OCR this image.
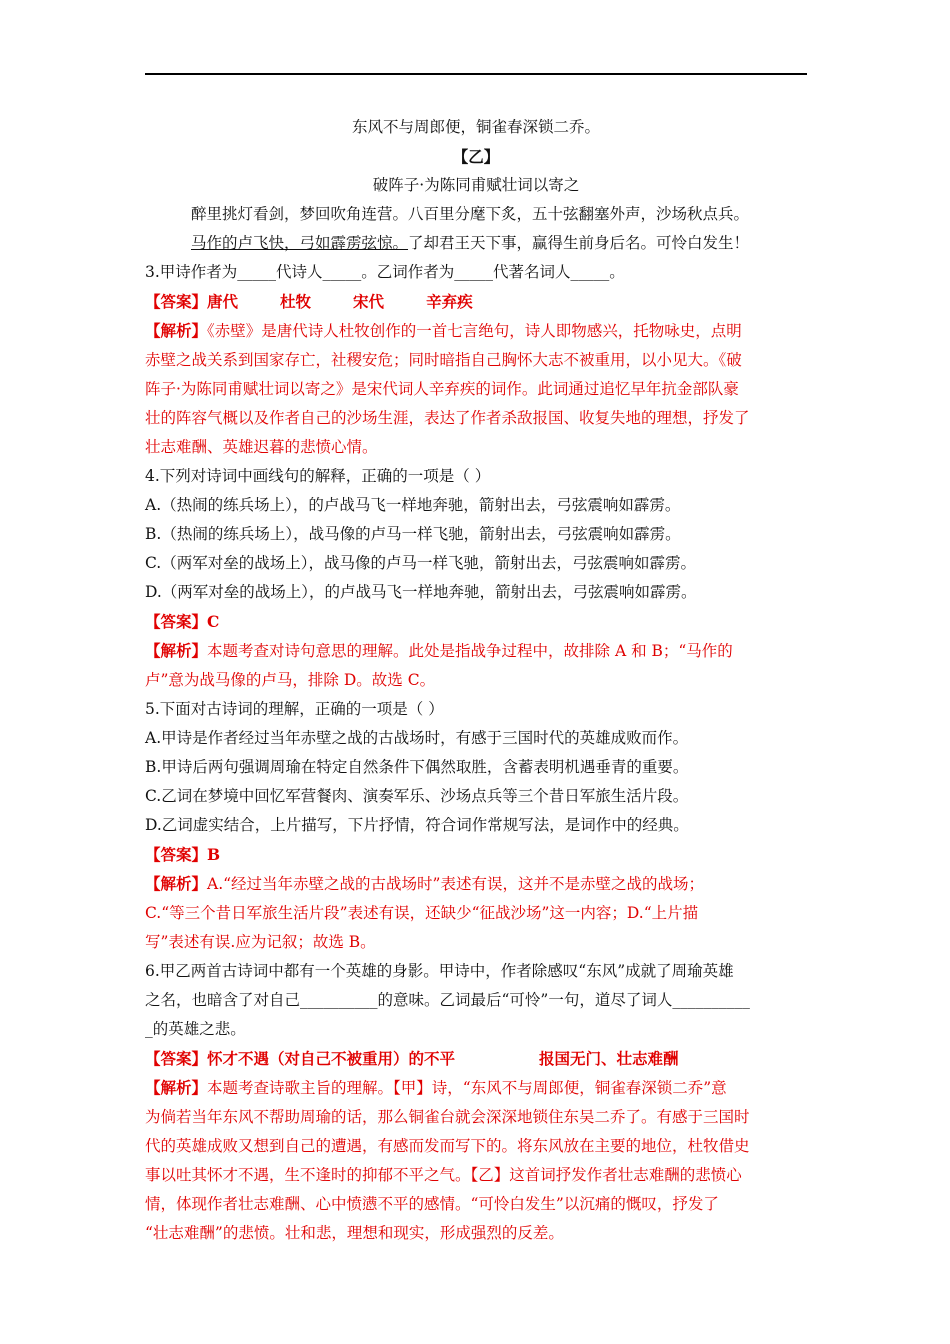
东风不与周郎便，铜雀春深锁二乔。
【乙】
破阵子·为陈同甫赋壮词以寄之
醉里挑灯看剑，梦回吹角连营。八百里分麾下炙，五十弦翻塞外声，沙场秋点兵。
马作的卢飞快，弓如霹雳弦惊。了却君王天下事，赢得生前身后名。可怜白发生！
3.甲诗作者为_____代诗人_____。乙词作者为_____代著名词人_____。
【答案】唐代	杜牧	宋代	辛弃疾
【解析】《赤壁》是唐代诗人杜牧创作的一首七言绝句，诗人即物感兴，托物咏史，点明
赤壁之战关系到国家存亡，社稷安危；同时暗指自己胸怀大志不被重用，以小见大。《破
阵子·为陈同甫赋壮词以寄之》是宋代词人辛弃疾的词作。此词通过追忆早年抗金部队豪
壮的阵容气概以及作者自己的沙场生涯，表达了作者杀敌报国、收复失地的理想，抒发了
壮志难酬、英雄迟暮的悲愤心情。
4.下列对诗词中画线句的解释，正确的一项是（ ）
A.（热闹的练兵场上），的卢战马飞一样地奔驰，箭射出去，弓弦震响如霹雳。
B.（热闹的练兵场上），战马像的卢马一样飞驰，箭射出去，弓弦震响如霹雳。
C.（两军对垒的战场上），战马像的卢马一样飞驰，箭射出去，弓弦震响如霹雳。
D.（两军对垒的战场上），的卢战马飞一样地奔驰，箭射出去，弓弦震响如霹雳。
【答案】C
【解析】本题考查对诗句意思的理解。此处是指战争过程中，故排除 A 和 B；“马作的
卢”意为战马像的卢马，排除 D。故选 C。
5.下面对古诗词的理解，正确的一项是（ ）
A.甲诗是作者经过当年赤壁之战的古战场时，有感于三国时代的英雄成败而作。
B.甲诗后两句强调周瑜在特定自然条件下偶然取胜，含蓄表明机遇垂青的重要。
C.乙词在梦境中回忆军营餐肉、演奏军乐、沙场点兵等三个昔日军旅生活片段。
D.乙词虚实结合，上片描写，下片抒情，符合词作常规写法，是词作中的经典。
【答案】B
【解析】A.“经过当年赤壁之战的古战场时”表述有误，这并不是赤壁之战的战场；
C.“等三个昔日军旅生活片段”表述有误，还缺少“征战沙场”这一内容；D.“上片描
写”表述有误.应为记叙；故选 B。
6.甲乙两首古诗词中都有一个英雄的身影。甲诗中，作者除感叹“东风”成就了周瑜英雄
之名，也暗含了对自己__________的意味。乙词最后“可怜”一句，道尽了词人__________
_的英雄之悲。
【答案】怀才不遇（对自己不被重用）的不平	报国无门、壮志难酬
【解析】本题考查诗歌主旨的理解。【甲】诗，“东风不与周郎便，铜雀春深锁二乔”意
为倘若当年东风不帮助周瑜的话，那么铜雀台就会深深地锁住东吴二乔了。有感于三国时
代的英雄成败又想到自己的遭遇，有感而发而写下的。将东风放在主要的地位，杜牧借史
事以吐其怀才不遇，生不逢时的抑郁不平之气。【乙】这首词抒发作者壮志难酬的悲愤心
情，体现作者壮志难酬、心中愤懑不平的感情。“可怜白发生”以沉痛的慨叹，抒发了
“壮志难酬”的悲愤。壮和悲，理想和现实，形成强烈的反差。
